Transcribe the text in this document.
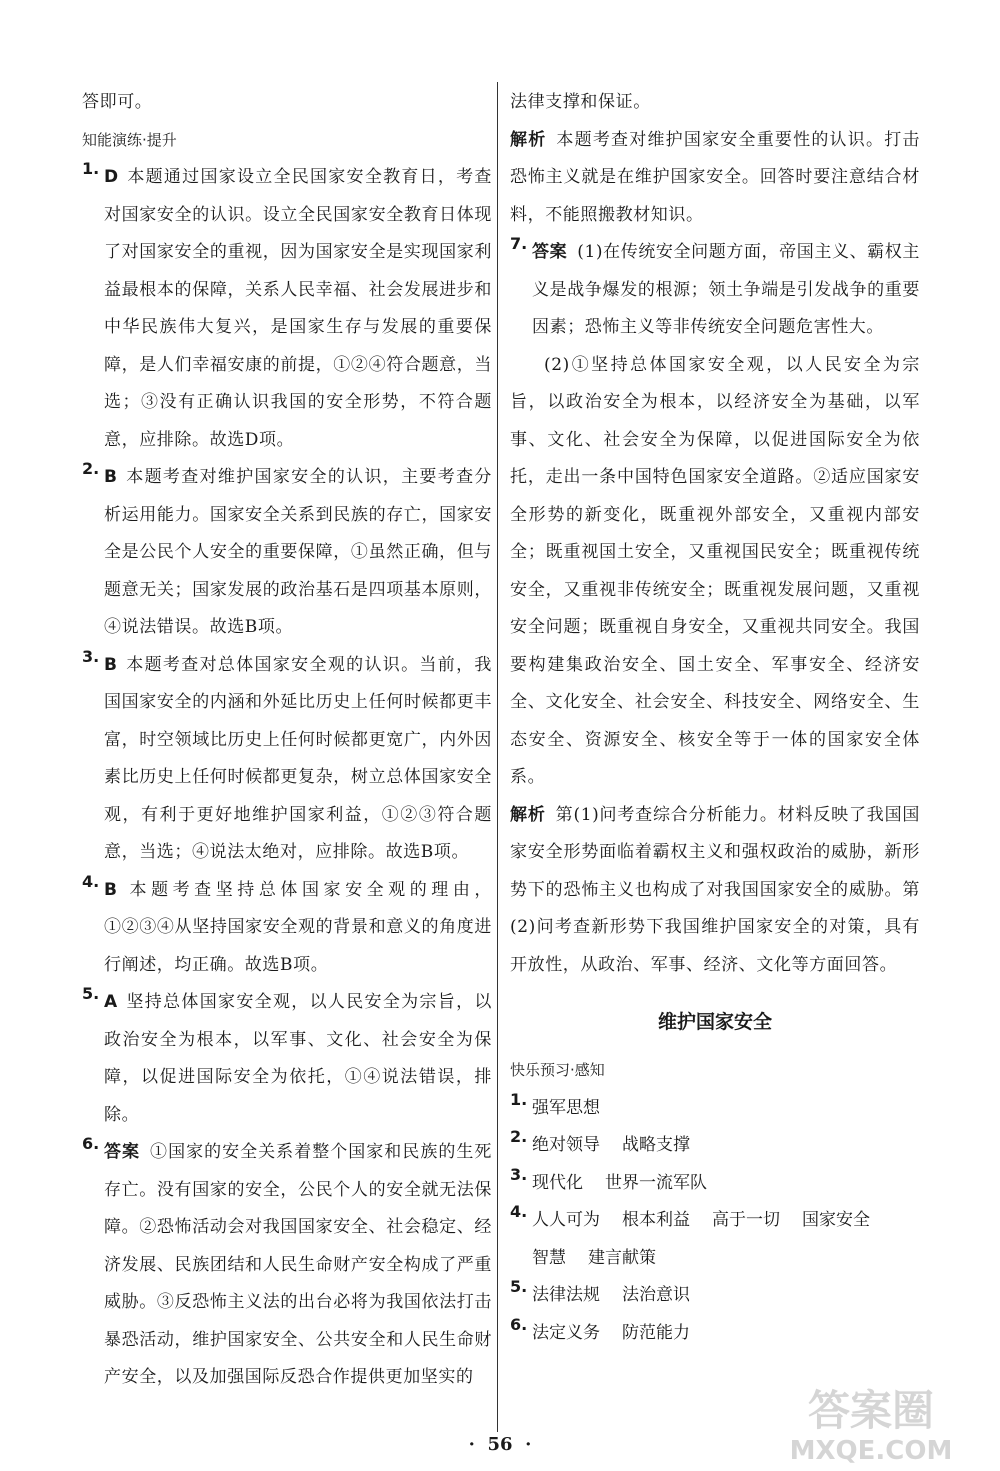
答即可。

知能演练·提升

1. D 本题通过国家设立全民国家安全教育日，考查对国家安全的认识。设立全民国家安全教育日体现了对国家安全的重视，因为国家安全是实现国家利益最根本的保障，关系人民幸福、社会发展进步和中华民族伟大复兴，是国家生存与发展的重要保障，是人们幸福安康的前提，①②④符合题意，当选；③没有正确认识我国的安全形势，不符合题意，应排除。故选D项。

2. B 本题考查对维护国家安全的认识，主要考查分析运用能力。国家安全关系到民族的存亡，国家安全是公民个人安全的重要保障，①虽然正确，但与题意无关；国家发展的政治基石是四项基本原则，④说法错误。故选B项。

3. B 本题考查对总体国家安全观的认识。当前，我国国家安全的内涵和外延比历史上任何时候都更丰富，时空领域比历史上任何时候都更宽广，内外因素比历史上任何时候都更复杂，树立总体国家安全观，有利于更好地维护国家利益，①②③符合题意，当选；④说法太绝对，应排除。故选B项。

4. B 本题考查坚持总体国家安全观的理由，①②③④从坚持国家安全观的背景和意义的角度进行阐述，均正确。故选B项。

5. A 坚持总体国家安全观，以人民安全为宗旨，以政治安全为根本，以军事、文化、社会安全为保障，以促进国际安全为依托，①④说法错误，排除。

6. 答案 ①国家的安全关系着整个国家和民族的生死存亡。没有国家的安全，公民个人的安全就无法保障。②恐怖活动会对我国国家安全、社会稳定、经济发展、民族团结和人民生命财产安全构成了严重威胁。③反恐怖主义法的出台必将为我国依法打击暴恐活动，维护国家安全、公共安全和人民生命财产安全，以及加强国际反恐合作提供更加坚实的

法律支撑和保证。

解析 本题考查对维护国家安全重要性的认识。打击恐怖主义就是在维护国家安全。回答时要注意结合材料，不能照搬教材知识。

7. 答案 (1)在传统安全问题方面，帝国主义、霸权主义是战争爆发的根源；领土争端是引发战争的重要因素；恐怖主义等非传统安全问题危害性大。

(2)①坚持总体国家安全观，以人民安全为宗旨，以政治安全为根本，以经济安全为基础，以军事、文化、社会安全为保障，以促进国际安全为依托，走出一条中国特色国家安全道路。②适应国家安全形势的新变化，既重视外部安全，又重视内部安全；既重视国土安全，又重视国民安全；既重视传统安全，又重视非传统安全；既重视发展问题，又重视安全问题；既重视自身安全，又重视共同安全。我国要构建集政治安全、国土安全、军事安全、经济安全、文化安全、社会安全、科技安全、网络安全、生态安全、资源安全、核安全等于一体的国家安全体系。

解析 第(1)问考查综合分析能力。材料反映了我国国家安全形势面临着霸权主义和强权政治的威胁，新形势下的恐怖主义也构成了对我国国家安全的威胁。第(2)问考查新形势下我国维护国家安全的对策，具有开放性，从政治、军事、经济、文化等方面回答。

维护国家安全

快乐预习·感知

1. 强军思想

2. 绝对领导 战略支撑

3. 现代化 世界一流军队

4. 人人可为 根本利益 高于一切 国家安全

智慧 建言献策

5. 法律法规 法治意识

6. 法定义务 防范能力

·  56  ·
答案圈
MXQE.COM
